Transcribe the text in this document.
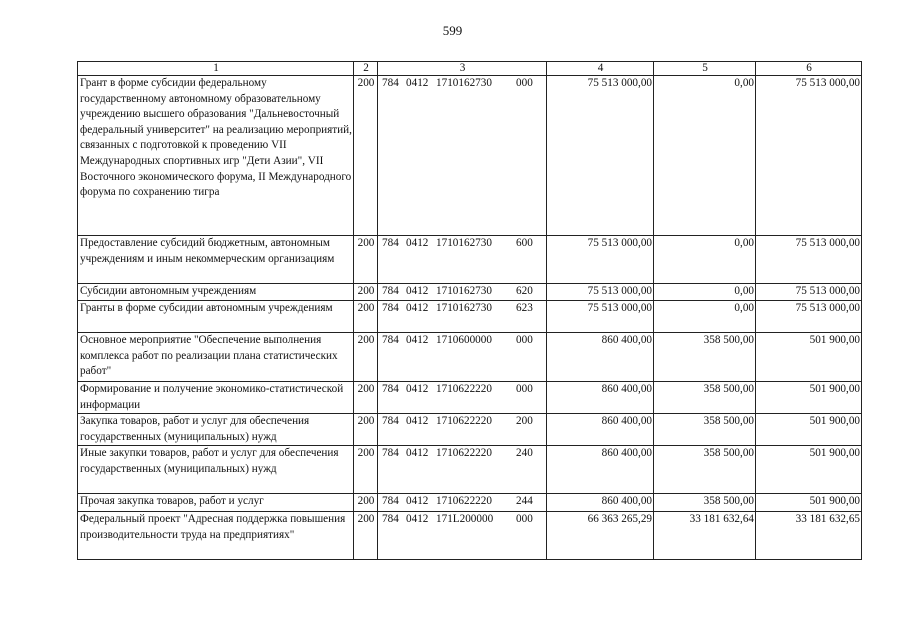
599
1	2	3	4	5	6
Грант в форме субсидии федеральному государственному автономному образовательному учреждению высшего образования "Дальневосточный федеральный университет" на реализацию мероприятий, связанных с подготовкой к проведению VII Международных спортивных игр "Дети Азии", VII Восточного экономического форума, II Международного форума по сохранению тигра	200	784 0412 1710162730 000	75 513 000,00	0,00	75 513 000,00
Предоставление субсидий бюджетным, автономным учреждениям и иным некоммерческим организациям	200	784 0412 1710162730 600	75 513 000,00	0,00	75 513 000,00
Субсидии автономным учреждениям	200	784 0412 1710162730 620	75 513 000,00	0,00	75 513 000,00
Гранты в форме субсидии автономным учреждениям	200	784 0412 1710162730 623	75 513 000,00	0,00	75 513 000,00
Основное мероприятие "Обеспечение выполнения комплекса работ по реализации плана статистических работ"	200	784 0412 1710600000 000	860 400,00	358 500,00	501 900,00
Формирование и получение экономико-статистической информации	200	784 0412 1710622220 000	860 400,00	358 500,00	501 900,00
Закупка товаров, работ и услуг для обеспечения государственных (муниципальных) нужд	200	784 0412 1710622220 200	860 400,00	358 500,00	501 900,00
Иные закупки товаров, работ и услуг для обеспечения государственных (муниципальных) нужд	200	784 0412 1710622220 240	860 400,00	358 500,00	501 900,00
Прочая закупка товаров, работ и услуг	200	784 0412 1710622220 244	860 400,00	358 500,00	501 900,00
Федеральный проект "Адресная поддержка повышения производительности труда на предприятиях"	200	784 0412 171L200000 000	66 363 265,29	33 181 632,64	33 181 632,65
